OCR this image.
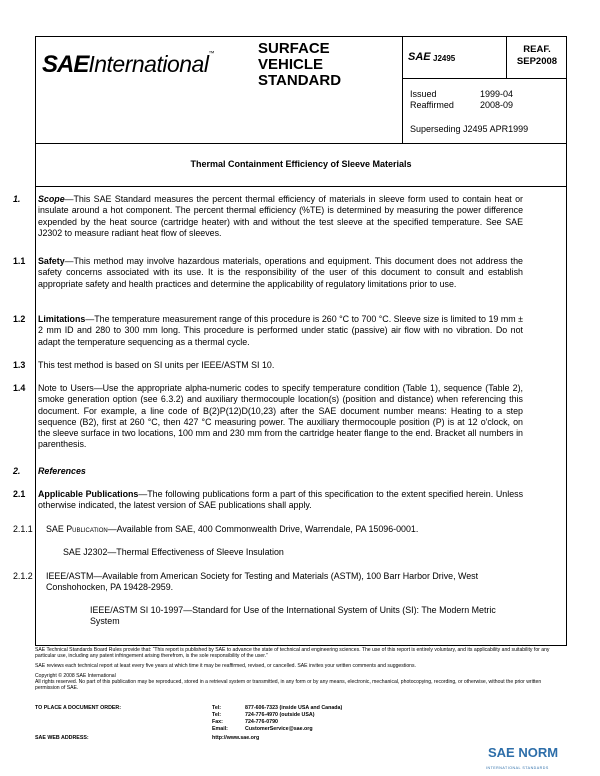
SAEInternational™	SURFACE
VEHICLE
STANDARD
SAE J2495
REAF.
SEP2008
Issued	1999-04
Reaffirmed	2008-09
Superseding J2495 APR1999
Thermal Containment Efficiency of Sleeve Materials
1. Scope—This SAE Standard measures the percent thermal efficiency of materials in sleeve form used to contain heat or insulate around a hot component. The percent thermal efficiency (%TE) is determined by measuring the power difference expended by the heat source (cartridge heater) with and without the test sleeve at the specified temperature. See SAE J2302 to measure radiant heat flow of sleeves.
1.1 Safety—This method may involve hazardous materials, operations and equipment. This document does not address the safety concerns associated with its use. It is the responsibility of the user of this document to consult and establish appropriate safety and health practices and determine the applicability of regulatory limitations prior to use.
1.2 Limitations—The temperature measurement range of this procedure is 260 °C to 700 °C. Sleeve size is limited to 19 mm ± 2 mm ID and 280 to 300 mm long. This procedure is performed under static (passive) air flow with no vibration. Do not adapt the temperature sequencing as a thermal cycle.
1.3 This test method is based on SI units per IEEE/ASTM SI 10.
1.4 Note to Users—Use the appropriate alpha-numeric codes to specify temperature condition (Table 1), sequence (Table 2), smoke generation option (see 6.3.2) and auxiliary thermocouple location(s) (position and distance) when referencing this document. For example, a line code of B(2)P(12)D(10,23) after the SAE document number means: Heating to a step sequence (B2), first at 260 °C, then 427 °C measuring power. The auxiliary thermocouple position (P) is at 12 o'clock, on the sleeve surface in two locations, 100 mm and 230 mm from the cartridge heater flange to the end. Bracket all numbers in parenthesis.
2. References
2.1 Applicable Publications—The following publications form a part of this specification to the extent specified herein. Unless otherwise indicated, the latest version of SAE publications shall apply.
2.1.1 SAE Publication—Available from SAE, 400 Commonwealth Drive, Warrendale, PA 15096-0001.
SAE J2302—Thermal Effectiveness of Sleeve Insulation
2.1.2 IEEE/ASTM—Available from American Society for Testing and Materials (ASTM), 100 Barr Harbor Drive, West Conshohocken, PA 19428-2959.
IEEE/ASTM SI 10-1997—Standard for Use of the International System of Units (SI): The Modern Metric System
SAE Technical Standards Board Rules provide that: “This report is published by SAE to advance the state of technical and engineering sciences. The use of this report is entirely voluntary, and its applicability and suitability for any particular use, including any patent infringement arising therefrom, is the sole responsibility of the user.”
SAE reviews each technical report at least every five years at which time it may be reaffirmed, revised, or cancelled. SAE invites your written comments and suggestions.
Copyright © 2008 SAE International
All rights reserved. No part of this publication may be reproduced, stored in a retrieval system or transmitted, in any form or by any means, electronic, mechanical, photocopying, recording, or otherwise, without the prior written permission of SAE.
TO PLACE A DOCUMENT ORDER:	Tel:	877-606-7323 (inside USA and Canada)
Tel:	724-776-4970 (outside USA)
Fax:	724-776-0790
Email:	CustomerService@sae.org
SAE WEB ADDRESS:	http://www.sae.org
SAE NORM
INTERNATIONAL STANDARDS
